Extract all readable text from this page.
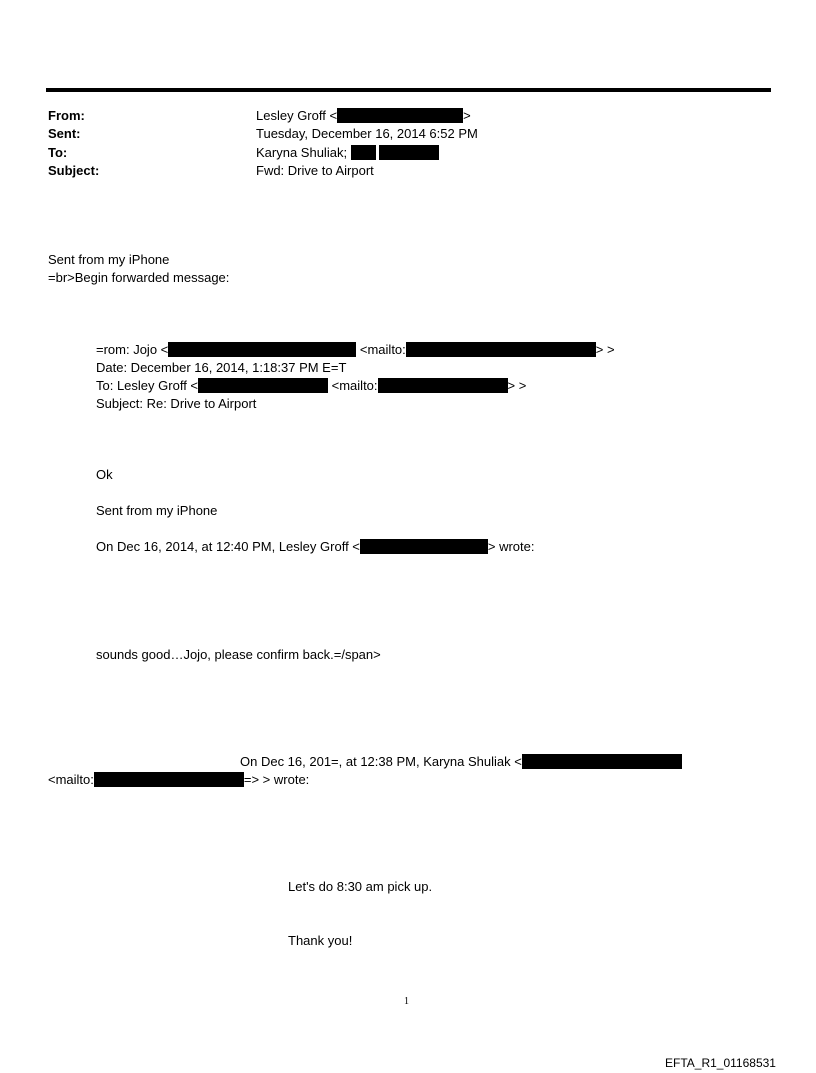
From:	Lesley Groff <	>
Sent:	Tuesday, December 16, 2014 6:52 PM
To:	Karyna Shuliak;
Subject:	Fwd: Drive to Airport
Sent from my iPhone
=br>Begin forwarded message:
=rom: Jojo <	<mailto:	> >
Date: December 16, 2014, 1:18:37 PM E=T
To: Lesley Groff <	<mailto:	> >
Subject: Re: Drive to Airport
Ok
Sent from my iPhone
On Dec 16, 2014, at 12:40 PM, Lesley Groff <	> wrote:
sounds good…Jojo, please confirm back.=/span>
On Dec 16, 201=, at 12:38 PM, Karyna Shuliak <
<mailto:	=> > wrote:
Let's do 8:30 am pick up.
Thank you!
1
EFTA_R1_01168531
